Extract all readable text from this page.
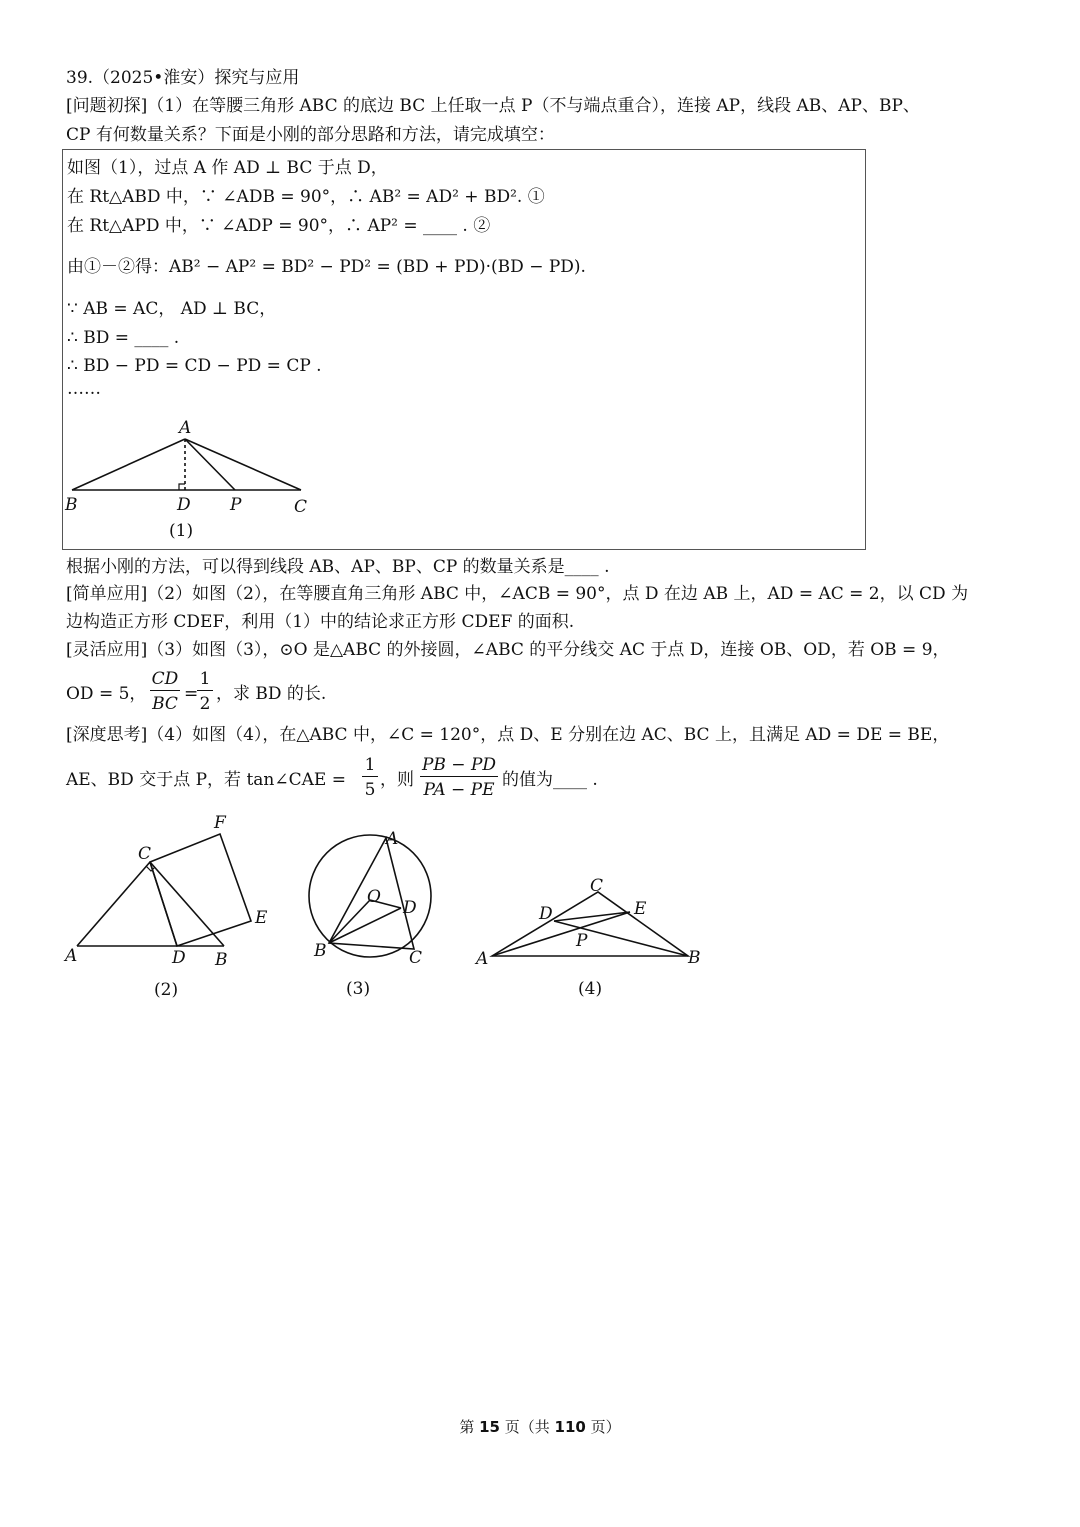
39.（2025•淮安）探究与应用
[问题初探]（1）在等腰三角形 ABC 的底边 BC 上任取一点 P（不与端点重合），连接 AP，线段 AB、AP、BP、
CP 有何数量关系？下面是小刚的部分思路和方法，请完成填空：
如图（1），过点 A 作 AD ⊥ BC 于点 D，
在 Rt△ABD 中，∵ ∠ADB = 90°，∴ AB² = AD² + BD². ①
在 Rt△APD 中，∵ ∠ADP = 90°，∴ AP² = ____ . ②
由①－②得：AB² − AP² = BD² − PD² = (BD + PD)·(BD − PD).
∵ AB = AC， AD ⊥ BC，
∴ BD = ____ .
∴ BD − PD = CD − PD = CP .
……
A
B	D P	C
(1)
根据小刚的方法，可以得到线段 AB、AP、BP、CP 的数量关系是____ .
[简单应用]（2）如图（2），在等腰直角三角形 ABC 中，∠ACB = 90°，点 D 在边 AB 上，AD = AC = 2，以 CD 为
边构造正方形 CDEF，利用（1）中的结论求正方形 CDEF 的面积.
[灵活应用]（3）如图（3），⊙O 是△ABC 的外接圆，∠ABC 的平分线交 AC 于点 D，连接 OB、OD，若 OB = 9，
OD = 5，
CD
BC =
1
2 ，求 BD 的长.
[深度思考]（4）如图（4），在△ABC 中，∠C = 120°，点 D、E 分别在边 AC、BC 上，且满足 AD = DE = BE，
AE、BD 交于点 P，若 tan∠CAE =
1
5 ，则
PB − PD
PA − PE 的值为____ .
C
F
E
A	D B
(2)
A
O
D
B	C
(3)
C
D	E
P
A	B
(4)
第 15 页（共 110 页）
